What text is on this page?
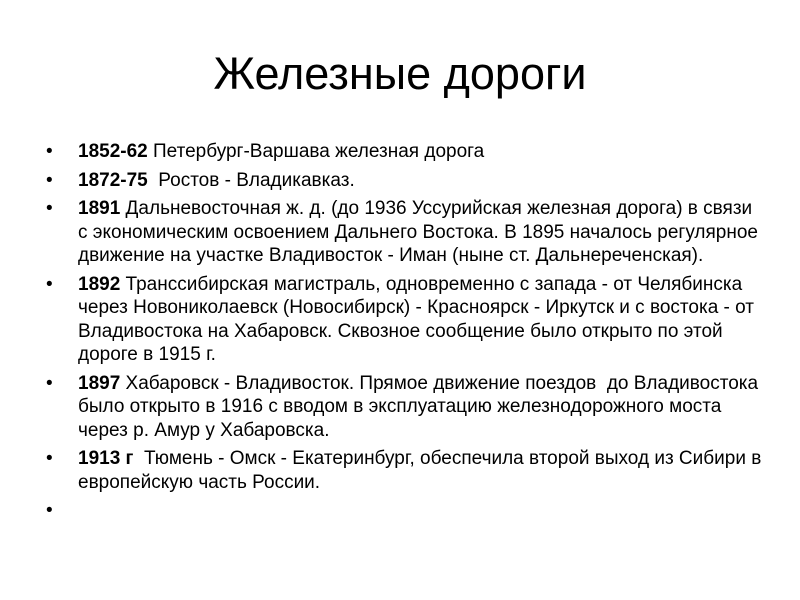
Железные дороги
•	1852-62 Петербург-Варшава железная дорога
•	1872-75  Ростов - Владикавказ.
•	1891 Дальневосточная ж. д. (до 1936 Уссурийская железная дорога) в связи с экономическим освоением Дальнего Востока. В 1895 началось регулярное движение на участке Владивосток - Иман (ныне ст. Дальнереченская).
•	1892 Транссибирская магистраль, одновременно с запада - от Челябинска через Новониколаевск (Новосибирск) - Красноярск - Иркутск и с востока - от Владивостока на Хабаровск. Сквозное сообщение было открыто по этой дороге в 1915 г.
•	1897 Хабаровск - Владивосток. Прямое движение поездов  до Владивостока было открыто в 1916 с вводом в эксплуатацию железнодорожного моста через р. Амур у Хабаровска.
•	1913 г  Тюмень - Омск - Екатеринбург, обеспечила второй выход из Сибири в европейскую часть России.
•
